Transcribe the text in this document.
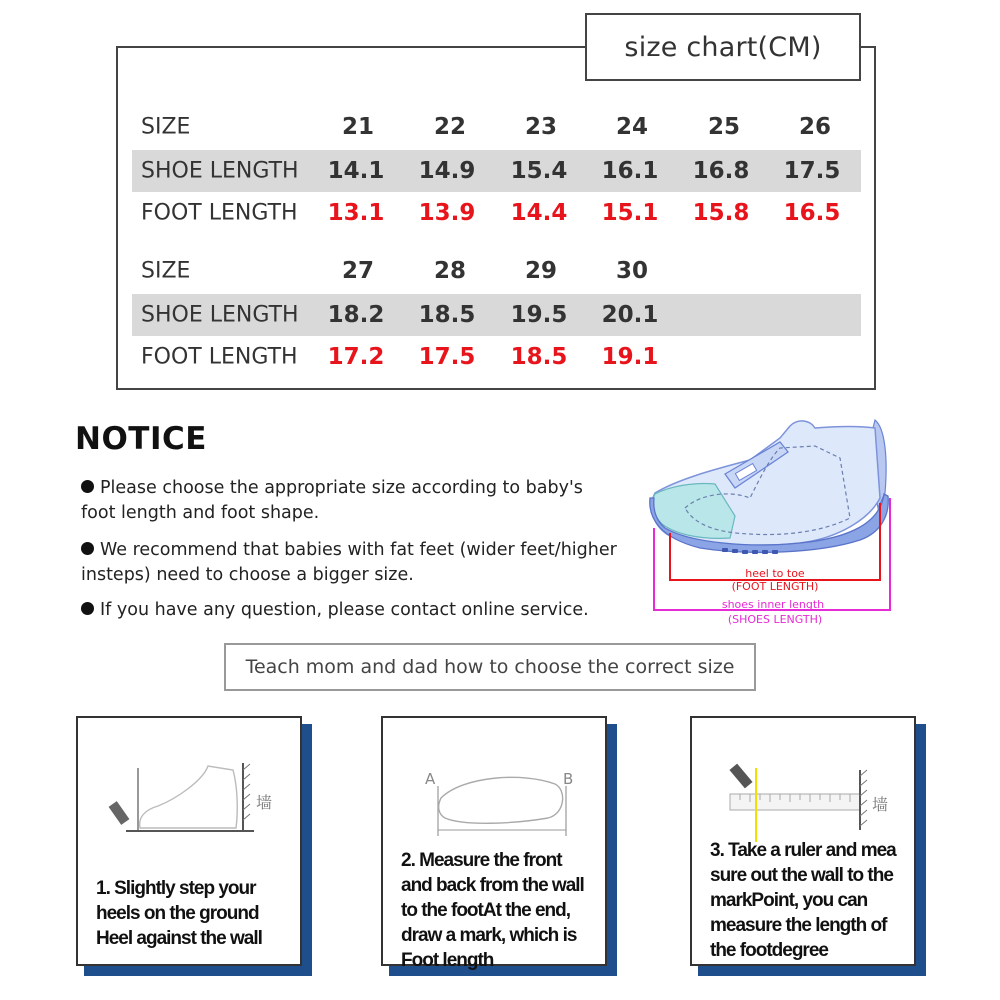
size chart(CM)
SIZE	21	22	23	24	25	26
SHOE LENGTH 14.1 14.9 15.4 16.1 16.8 17.5
FOOT LENGTH 13.1 13.9 14.4 15.1 15.8 16.5
SIZE	27	28	29	30
SHOE LENGTH 18.2 18.5 19.5 20.1
FOOT LENGTH 17.2 17.5 18.5 19.1
NOTICE
Please choose the appropriate size according to baby's foot length and foot shape.
We recommend that babies with fat feet (wider feet/higher insteps) need to choose a bigger size.
If you have any question, please contact online service.
heel to toe
(FOOT LENGTH)
shoes inner length
(SHOES LENGTH)
Teach mom and dad how to choose the correct size
墙
1. Slightly step your
heels on the ground
Heel against the wall
A	B
2. Measure the front
and back from the wall
to the footAt the end,
draw a mark, which is
Foot length
墙
3. Take a ruler and mea
sure out the wall to the
markPoint, you can
measure the length of
the footdegree
